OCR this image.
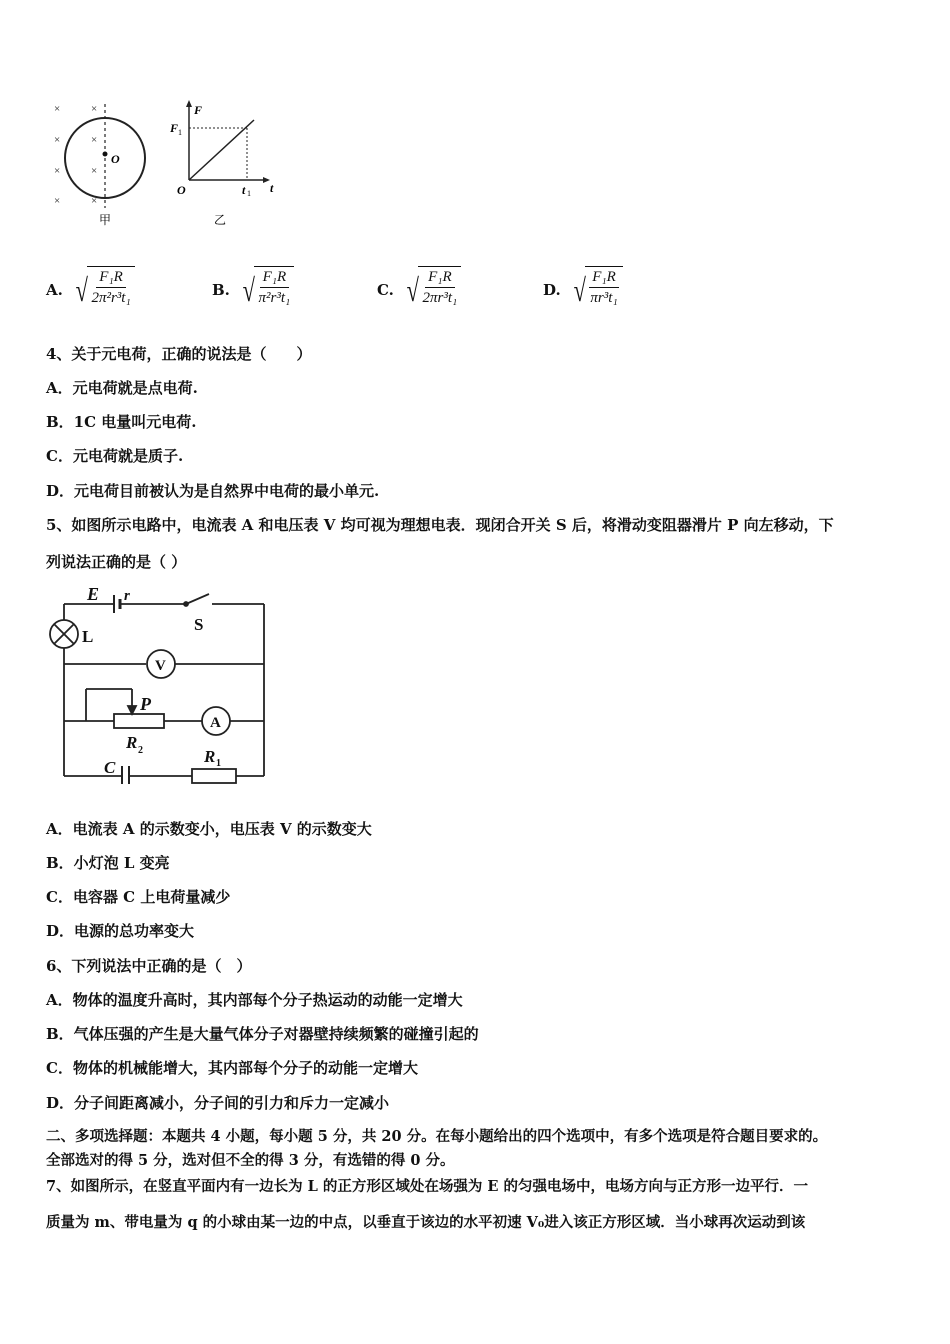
×
×
×
×
×
×
×
×
O
甲
F
F 1
O	t 1 t
乙
A. √ $\frac{\text{F₁R}}{\text{2π²r³t₁}}$	B. √ $\frac{\text{F₁R}}{\text{π²r³t₁}}$	C. √ $\frac{\text{F₁R}}{\text{2πr³t₁}}$	D. √ $\frac{\text{F₁R}}{\text{πr³t₁}}$
4、关于元电荷，正确的说法是（　　）
A．元电荷就是点电荷.
B．1C 电量叫元电荷.
C．元电荷就是质子.
D．元电荷目前被认为是自然界中电荷的最小单元.
5、如图所示电路中，电流表 A 和电压表 V 均可视为理想电表．现闭合开关 S 后，将滑动变阻器滑片 P 向左移动，下
列说法正确的是（ ）
E r
S
L
V
A
P
R 2	R 1
C
A．电流表 A 的示数变小，电压表 V 的示数变大
B．小灯泡 L 变亮
C．电容器 C 上电荷量减少
D．电源的总功率变大
6、下列说法中正确的是（　）
A．物体的温度升高时，其内部每个分子热运动的动能一定增大
B．气体压强的产生是大量气体分子对器壁持续频繁的碰撞引起的
C．物体的机械能增大，其内部每个分子的动能一定增大
D．分子间距离减小，分子间的引力和斥力一定减小
二、多项选择题：本题共 4 小题，每小题 5 分，共 20 分。在每小题给出的四个选项中，有多个选项是符合题目要求的。
全部选对的得 5 分，选对但不全的得 3 分，有选错的得 0 分。
7、如图所示，在竖直平面内有一边长为 L 的正方形区域处在场强为 E 的匀强电场中，电场方向与正方形一边平行．一
质量为 m、带电量为 q 的小球由某一边的中点，以垂直于该边的水平初速 V₀进入该正方形区域．当小球再次运动到该
